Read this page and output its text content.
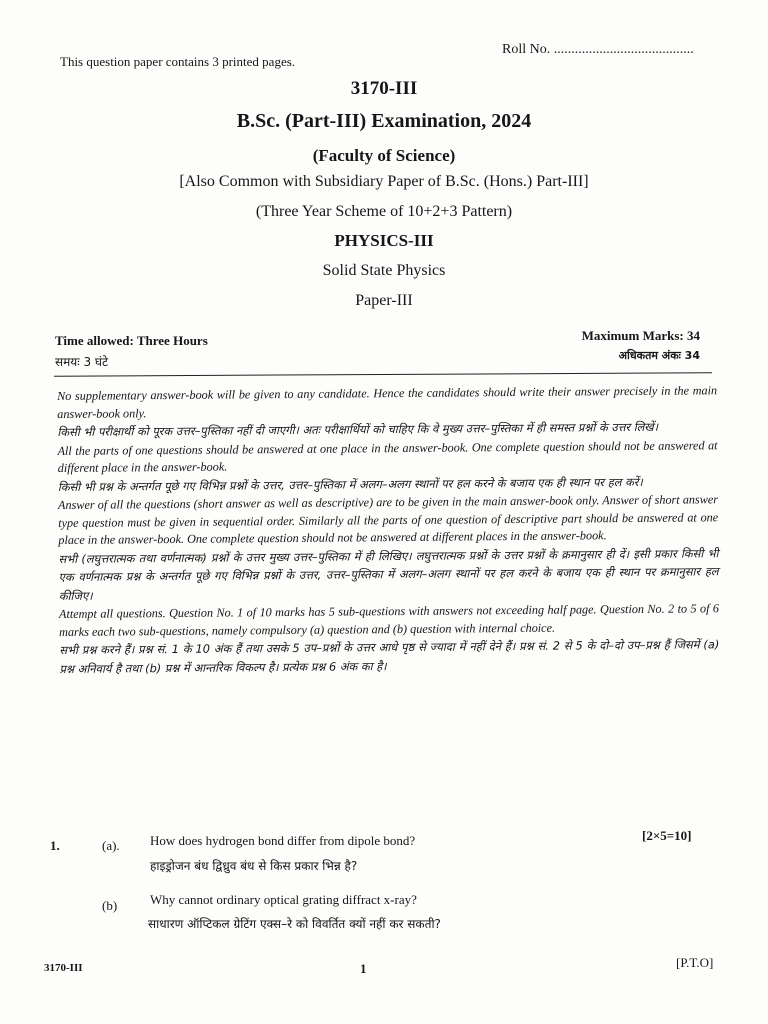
This question paper contains 3 printed pages.
Roll No. ........................................
3170-III
B.Sc. (Part-III) Examination, 2024
(Faculty of Science)
[Also Common with Subsidiary Paper of B.Sc. (Hons.) Part-III]
(Three Year Scheme of 10+2+3 Pattern)
PHYSICS-III
Solid State Physics
Paper-III
Time allowed: Three Hours
समयः 3 घंटे
Maximum Marks: 34
अधिकतम अंकः 34

No supplementary answer-book will be given to any candidate. Hence the candidates should write their answer precisely in the main answer-book only.

किसी भी परीक्षार्थी को पूरक उत्तर–पुस्तिका नहीं दी जाएगी। अतः परीक्षार्थियों को चाहिए कि वे मुख्य उत्तर–पुस्तिका में ही समस्त प्रश्नों के उत्तर लिखें।

All the parts of one questions should be answered at one place in the answer-book. One complete question should not be answered at different place in the answer-book.

किसी भी प्रश्न के अन्तर्गत पूछे गए विभिन्न प्रश्नों के उत्तर, उत्तर–पुस्तिका में अलग–अलग स्थानों पर हल करने के बजाय एक ही स्थान पर हल करें।

Answer of all the questions (short answer as well as descriptive) are to be given in the main answer-book only. Answer of short answer type question must be given in sequential order. Similarly all the parts of one question of descriptive part should be answered at one place in the answer-book. One complete question should not be answered at different places in the answer-book.

सभी (लघुत्तरात्मक तथा वर्णनात्मक) प्रश्नों के उत्तर मुख्य उत्तर–पुस्तिका में ही लिखिए। लघुत्तरात्मक प्रश्नों के उत्तर प्रश्नों के क्रमानुसार ही दें। इसी प्रकार किसी भी एक वर्णनात्मक प्रश्न के अन्तर्गत पूछे गए विभिन्न प्रश्नों के उत्तर, उत्तर–पुस्तिका में अलग–अलग स्थानों पर हल करने के बजाय एक ही स्थान पर क्रमानुसार हल कीजिए।

Attempt all questions. Question No. 1 of 10 marks has 5 sub-questions with answers not exceeding half page. Question No. 2 to 5 of 6 marks each two sub-questions, namely compulsory (a) question and (b) question with internal choice.

सभी प्रश्न करने हैं। प्रश्न सं. 1 के 10 अंक हैं तथा उसके 5 उप–प्रश्नों के उत्तर आधे पृष्ठ से ज्यादा में नहीं देने हैं। प्रश्न सं. 2 से 5 के दो–दो उप–प्रश्न हैं जिसमें (a) प्रश्न अनिवार्य है तथा (b) प्रश्न में आन्तरिक विकल्प है। प्रत्येक प्रश्न 6 अंक का है।

1.	(a). How does hydrogen bond differ from dipole bond?	[2×5=10]
हाइड्रोजन बंध द्विध्रुव बंध से किस प्रकार भिन्न है?
(b)	Why cannot ordinary optical grating diffract x-ray?
साधारण ऑप्टिकल ग्रेटिंग एक्स–रे को विवर्तित क्यों नहीं कर सकती?
3170-III	1	[P.T.O]
